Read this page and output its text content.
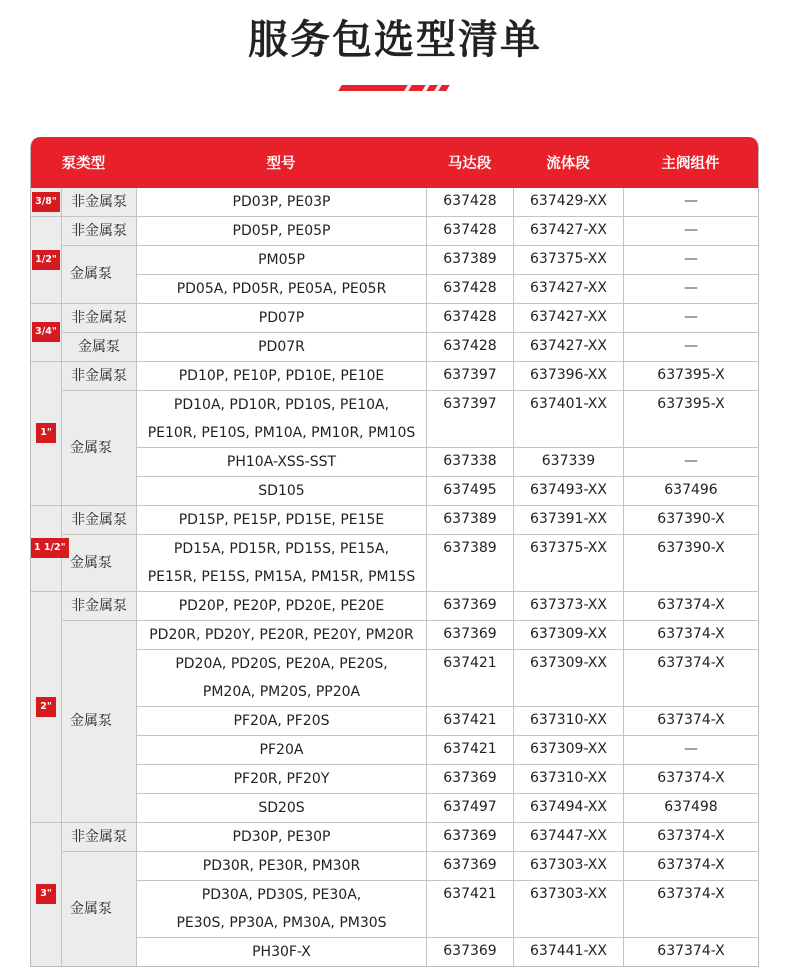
服务包选型清单
泵类型		型号	马达段	流体段	主阀组件
3/8"	非金属泵	PD03P, PE03P	637428	637429-XX	—
1/2"	非金属泵	PD05P, PE05P	637428	637427-XX	—
	金属泵	PM05P	637389	637375-XX	—
		PD05A, PD05R, PE05A, PE05R	637428	637427-XX	—
3/4"	非金属泵	PD07P	637428	637427-XX	—
	金属泵	PD07R	637428	637427-XX	—
1"	非金属泵	PD10P, PE10P, PD10E, PE10E	637397	637396-XX	637395-X
	金属泵	PD10A, PD10R, PD10S, PE10A,	637397	637401-XX	637395-X
		PE10R, PE10S, PM10A, PM10R, PM10S			
		PH10A-XSS-SST	637338	637339	—
		SD105	637495	637493-XX	637496
1 1/2"	非金属泵	PD15P, PE15P, PD15E, PE15E	637389	637391-XX	637390-X
	金属泵	PD15A, PD15R, PD15S, PE15A,	637389	637375-XX	637390-X
		PE15R, PE15S, PM15A, PM15R, PM15S			
2"	非金属泵	PD20P, PE20P, PD20E, PE20E	637369	637373-XX	637374-X
	金属泵	PD20R, PD20Y, PE20R, PE20Y, PM20R	637369	637309-XX	637374-X
		PD20A, PD20S, PE20A, PE20S,	637421	637309-XX	637374-X
		PM20A, PM20S, PP20A			
		PF20A, PF20S	637421	637310-XX	637374-X
		PF20A	637421	637309-XX	—
		PF20R, PF20Y	637369	637310-XX	637374-X
		SD20S	637497	637494-XX	637498
3"	非金属泵	PD30P, PE30P	637369	637447-XX	637374-X
	金属泵	PD30R, PE30R, PM30R	637369	637303-XX	637374-X
		PD30A, PD30S, PE30A,	637421	637303-XX	637374-X
		PE30S, PP30A, PM30A, PM30S			
		PH30F-X	637369	637441-XX	637374-X
